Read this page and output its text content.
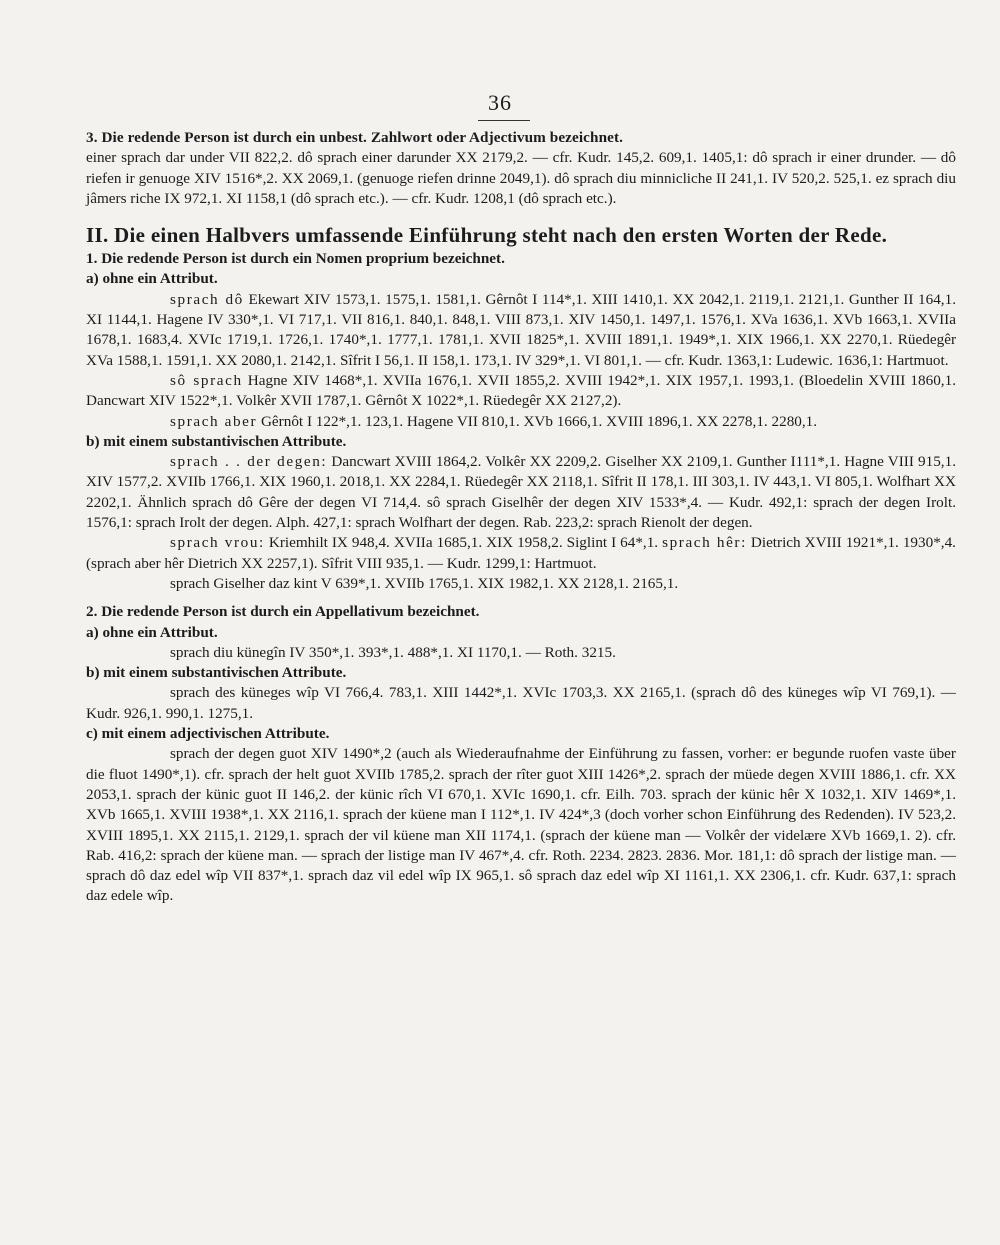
36

3. Die redende Person ist durch ein unbest. Zahlwort oder Adjectivum bezeichnet.

einer sprach dar under VII 822,2. dô sprach einer darunder XX 2179,2. — cfr. Kudr. 145,2. 609,1. 1405,1: dô sprach ir einer drunder. — dô riefen ir genuoge XIV 1516*,2. XX 2069,1. (genuoge riefen drinne 2049,1). dô sprach diu minnicliche II 241,1. IV 520,2. 525,1. ez sprach diu jâmers riche IX 972,1. XI 1158,1 (dô sprach etc.). — cfr. Kudr. 1208,1 (dô sprach etc.).

II. Die einen Halbvers umfassende Einführung steht nach den ersten Worten der Rede.

1. Die redende Person ist durch ein Nomen proprium bezeichnet.

a) ohne ein Attribut.

sprach dô Ekewart XIV 1573,1. 1575,1. 1581,1. Gêrnôt I 114*,1. XIII 1410,1. XX 2042,1. 2119,1. 2121,1. Gunther II 164,1. XI 1144,1. Hagene IV 330*,1. VI 717,1. VII 816,1. 840,1. 848,1. VIII 873,1. XIV 1450,1. 1497,1. 1576,1. XVa 1636,1. XVb 1663,1. XVIIa 1678,1. 1683,4. XVIc 1719,1. 1726,1. 1740*,1. 1777,1. 1781,1. XVII 1825*,1. XVIII 1891,1. 1949*,1. XIX 1966,1. XX 2270,1. Rüedegêr XVa 1588,1. 1591,1. XX 2080,1. 2142,1. Sîfrit I 56,1. II 158,1. 173,1. IV 329*,1. VI 801,1. — cfr. Kudr. 1363,1: Ludewic. 1636,1: Hartmuot.

sô sprach Hagne XIV 1468*,1. XVIIa 1676,1. XVII 1855,2. XVIII 1942*,1. XIX 1957,1. 1993,1. (Bloedelin XVIII 1860,1. Dancwart XIV 1522*,1. Volkêr XVII 1787,1. Gêrnôt X 1022*,1. Rüedegêr XX 2127,2).

sprach aber Gêrnôt I 122*,1. 123,1. Hagene VII 810,1. XVb 1666,1. XVIII 1896,1. XX 2278,1. 2280,1.

b) mit einem substantivischen Attribute.

sprach . . der degen: Dancwart XVIII 1864,2. Volkêr XX 2209,2. Giselher XX 2109,1. Gunther I111*,1. Hagne VIII 915,1. XIV 1577,2. XVIIb 1766,1. XIX 1960,1. 2018,1. XX 2284,1. Rüedegêr XX 2118,1. Sîfrit II 178,1. III 303,1. IV 443,1. VI 805,1. Wolfhart XX 2202,1. Ähnlich sprach dô Gêre der degen VI 714,4. sô sprach Giselhêr der degen XIV 1533*,4. — Kudr. 492,1: sprach der degen Irolt. 1576,1: sprach Irolt der degen. Alph. 427,1: sprach Wolfhart der degen. Rab. 223,2: sprach Rienolt der degen.

sprach vrou: Kriemhilt IX 948,4. XVIIa 1685,1. XIX 1958,2. Siglint I 64*,1. sprach hêr: Dietrich XVIII 1921*,1. 1930*,4. (sprach aber hêr Dietrich XX 2257,1). Sîfrit VIII 935,1. — Kudr. 1299,1: Hartmuot.

sprach Giselher daz kint V 639*,1. XVIIb 1765,1. XIX 1982,1. XX 2128,1. 2165,1.

2. Die redende Person ist durch ein Appellativum bezeichnet.

a) ohne ein Attribut.

sprach diu künegîn IV 350*,1. 393*,1. 488*,1. XI 1170,1. — Roth. 3215.

b) mit einem substantivischen Attribute.

sprach des küneges wîp VI 766,4. 783,1. XIII 1442*,1. XVIc 1703,3. XX 2165,1. (sprach dô des küneges wîp VI 769,1). — Kudr. 926,1. 990,1. 1275,1.

c) mit einem adjectivischen Attribute.

sprach der degen guot XIV 1490*,2 (auch als Wiederaufnahme der Einführung zu fassen, vorher: er begunde ruofen vaste über die fluot 1490*,1). cfr. sprach der helt guot XVIIb 1785,2. sprach der rîter guot XIII 1426*,2. sprach der müede degen XVIII 1886,1. cfr. XX 2053,1. sprach der künic guot II 146,2. der künic rîch VI 670,1. XVIc 1690,1. cfr. Eilh. 703. sprach der künic hêr X 1032,1. XIV 1469*,1. XVb 1665,1. XVIII 1938*,1. XX 2116,1. sprach der küene man I 112*,1. IV 424*,3 (doch vorher schon Einführung des Redenden). IV 523,2. XVIII 1895,1. XX 2115,1. 2129,1. sprach der vil küene man XII 1174,1. (sprach der küene man — Volkêr der videlære XVb 1669,1. 2). cfr. Rab. 416,2: sprach der küene man. — sprach der listige man IV 467*,4. cfr. Roth. 2234. 2823. 2836. Mor. 181,1: dô sprach der listige man. — sprach dô daz edel wîp VII 837*,1. sprach daz vil edel wîp IX 965,1. sô sprach daz edel wîp XI 1161,1. XX 2306,1. cfr. Kudr. 637,1: sprach daz edele wîp.
